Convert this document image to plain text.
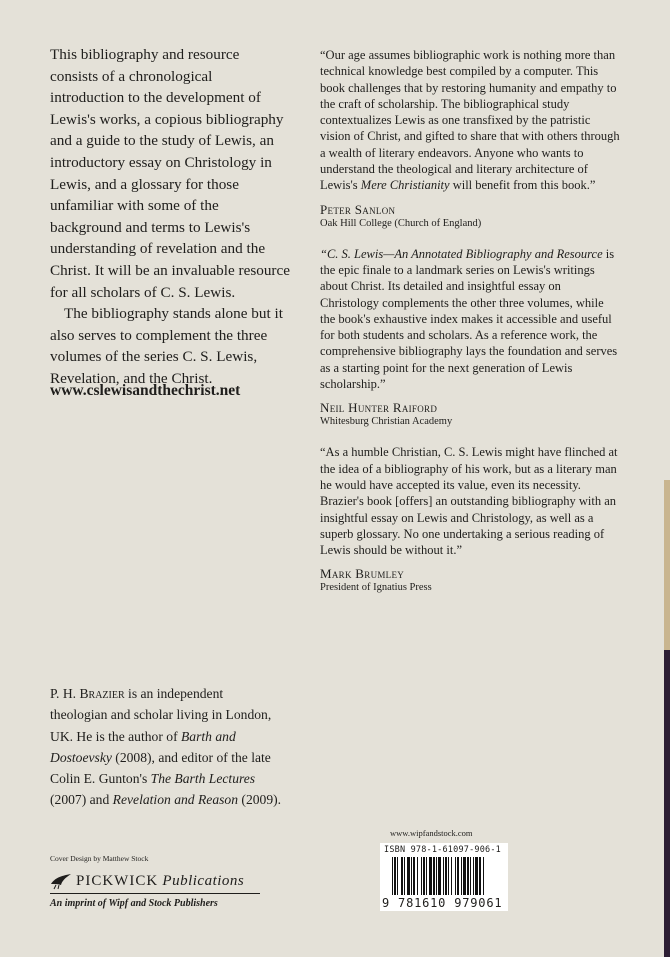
This bibliography and resource consists of a chronological introduction to the development of Lewis's works, a copious bibliography and a guide to the study of Lewis, an introductory essay on Christology in Lewis, and a glossary for those unfamiliar with some of the background and terms to Lewis's understanding of revelation and the Christ. It will be an invaluable resource for all scholars of C. S. Lewis.

The bibliography stands alone but it also serves to complement the three volumes of the series C. S. Lewis, Revelation, and the Christ.

www.cslewisandthechrist.net

“Our age assumes bibliographic work is nothing more than technical knowledge best compiled by a computer. This book challenges that by restoring humanity and empathy to the craft of scholarship. The bibliographical study contextualizes Lewis as one transfixed by the patristic vision of Christ, and gifted to share that with others through a wealth of literary endeavors. Anyone who wants to understand the theological and literary architecture of Lewis's Mere Christianity will benefit from this book.”

Peter Sanlon
Oak Hill College (Church of England)

“C. S. Lewis—An Annotated Bibliography and Resource is the epic finale to a landmark series on Lewis's writings about Christ. Its detailed and insightful essay on Christology complements the other three volumes, while the book's exhaustive index makes it accessible and useful for both students and scholars. As a reference work, the comprehensive bibliography lays the foundation and serves as a starting point for the next generation of Lewis scholarship.”

Neil Hunter Raiford
Whitesburg Christian Academy

“As a humble Christian, C. S. Lewis might have flinched at the idea of a bibliography of his work, but as a literary man he would have accepted its value, even its necessity. Brazier's book [offers] an outstanding bibliography with an insightful essay on Lewis and Christology, as well as a superb glossary. No one undertaking a serious reading of Lewis should be without it.”

Mark Brumley
President of Ignatius Press
P. H. Brazier is an independent theologian and scholar living in London, UK. He is the author of Barth and Dostoevsky (2008), and editor of the late Colin E. Gunton's The Barth Lectures (2007) and Revelation and Reason (2009).
Cover Design by Matthew Stock
PICKWICK Publications
An imprint of Wipf and Stock Publishers
www.wipfandstock.com
ISBN 978-1-61097-906-1
9 781610 979061
